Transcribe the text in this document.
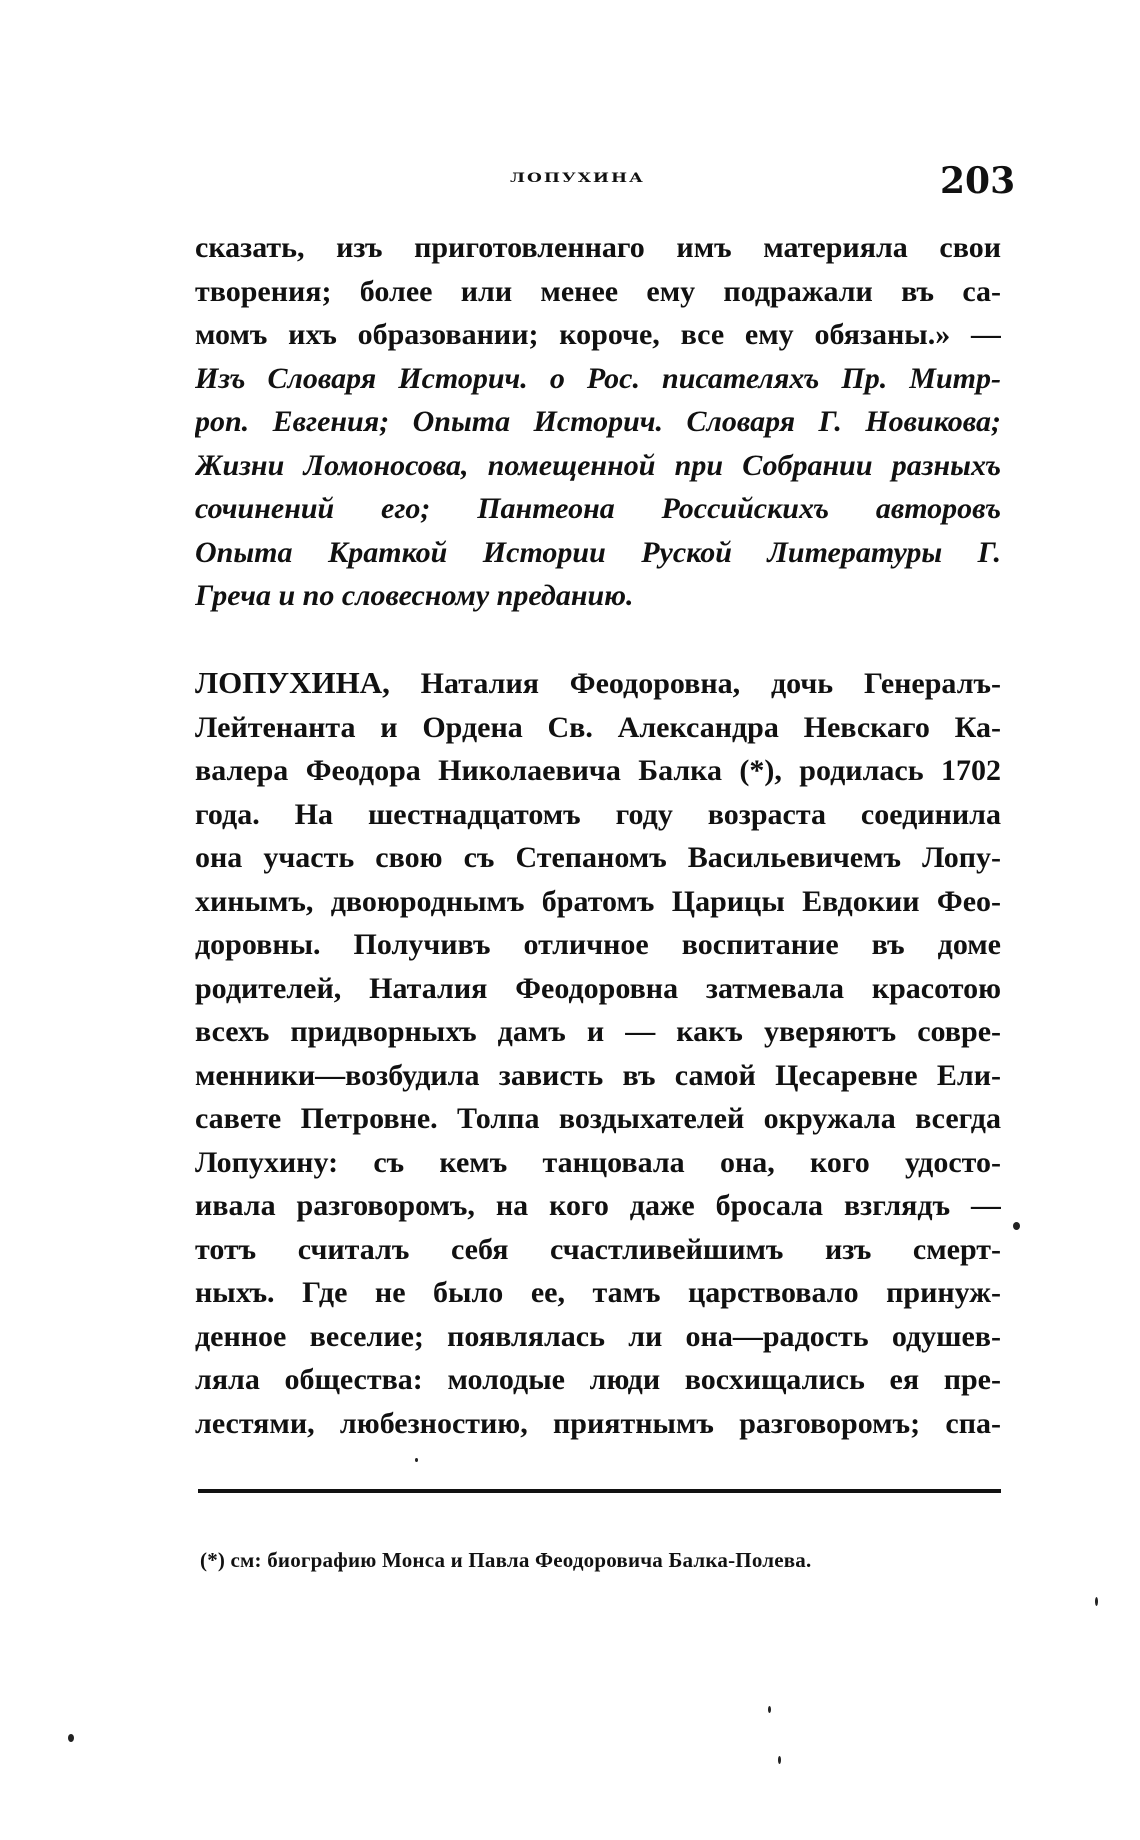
ЛОПУХИНА	203
сказать, изъ приготовленнаго имъ материяла свои
творения; более или менее ему подражали въ са-
момъ ихъ образовании; короче, все ему обязаны.» —
Изъ Словаря Историч. о Рос. писателяхъ Пр. Митр-
роп. Евгения; Опыта Историч. Словаря Г. Новикова;
Жизни Ломоносова, помещенной при Собрании разныхъ
сочинений его; Пантеона Российскихъ авторовъ
Опыта Краткой Истории Руской Литературы Г.
Греча и по словесному преданию.
ЛОПУХИНА, Наталия Феодоровна, дочь Генералъ-
Лейтенанта и Ордена Св. Александра Невскаго Ка-
валера Феодора Николаевича Балка (*), родилась 1702
года. На шестнадцатомъ году возраста соединила
она участь свою съ Степаномъ Васильевичемъ Лопу-
хинымъ, двоюроднымъ братомъ Царицы Евдокии Фео-
доровны. Получивъ отличное воспитание въ доме
родителей, Наталия Феодоровна затмевала красотою
всехъ придворныхъ дамъ и — какъ уверяютъ совре-
менники—возбудила зависть въ самой Цесаревне Ели-
савете Петровне. Толпа воздыхателей окружала всегда
Лопухину: съ кемъ танцовала она, кого удосто-
ивала разговоромъ, на кого даже бросала взглядъ —
тотъ считалъ себя счастливейшимъ изъ смерт-
ныхъ. Где не было ее, тамъ царствовало принуж-
денное веселие; появлялась ли она—радость одушев-
ляла общества: молодые люди восхищались ея пре-
лестями, любезностию, приятнымъ разговоромъ; спа-
(*) см: биографию Монса и Павла Феодоровича Балка-Полева.
